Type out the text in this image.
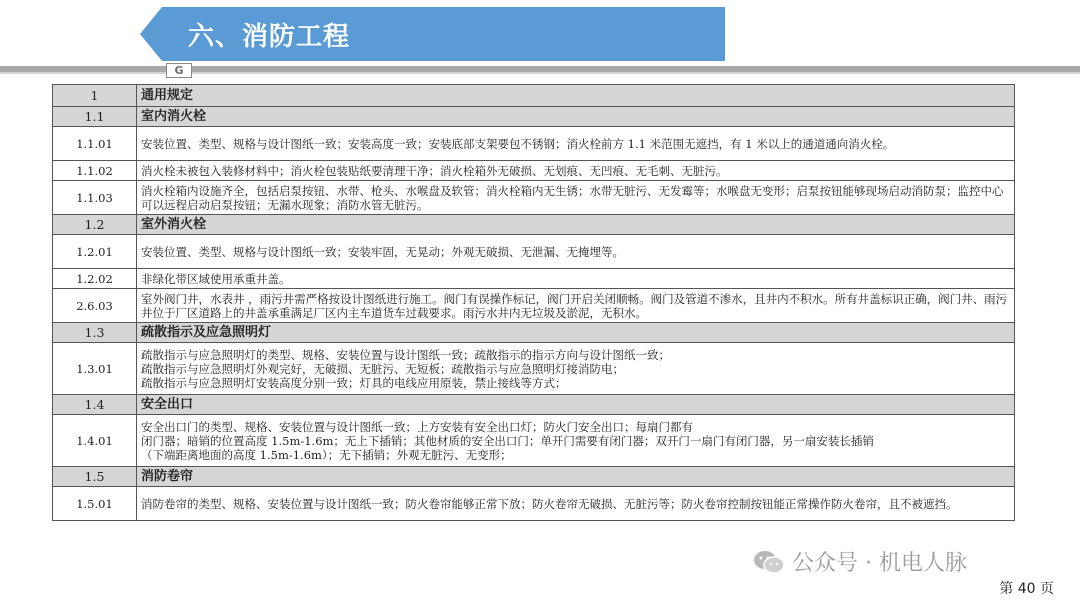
六、消防工程
G
1	通用规定
1.1	室内消火栓
1.1.01	安装位置、类型、规格与设计图纸一致；安装高度一致；安装底部支架要包不锈钢；消火栓前方 1.1 米范围无遮挡，有 1 米以上的通道通向消火栓。
1.1.02	消火栓未被包入装修材料中；消火栓包装贴纸要清理干净；消火栓箱外无破损、无划痕、无凹痕、无毛刺、无脏污。
1.1.03	消火栓箱内设施齐全，包括启泵按钮、水带、枪头、水喉盘及软管；消火栓箱内无生锈；水带无脏污、无发霉等；水喉盘无变形；启泵按钮能够现场启动消防泵；监控中心可以远程启动启泵按钮；无漏水现象；消防水管无脏污。
1.2	室外消火栓
1.2.01	安装位置、类型、规格与设计图纸一致；安装牢固，无晃动；外观无破损、无泄漏、无掩埋等。
1.2.02	非绿化带区域使用承重井盖。
2.6.03	室外阀门井，水表井 ，雨污井需严格按设计图纸进行施工。阀门有误操作标记，阀门开启关闭顺畅。阀门及管道不渗水，且井内不积水。所有井盖标识正确，阀门井、雨污井位于厂区道路上的井盖承重满足厂区内主车道货车过载要求。雨污水井内无垃圾及淤泥，无积水。
1.3	疏散指示及应急照明灯
1.3.01	疏散指示与应急照明灯的类型、规格、安装位置与设计图纸一致；疏散指示的指示方向与设计图纸一致；
疏散指示与应急照明灯外观完好，无破损、无脏污、无短板；疏散指示与应急照明灯接消防电；
疏散指示与应急照明灯安装高度分别一致；灯具的电线应用原装，禁止接线等方式；

1.4	安全出口
1.4.01	安全出口门的类型、规格、安装位置与设计图纸一致；上方安装有安全出口灯；防火门安全出口；每扇门都有
闭门器；暗销的位置高度 1.5m-1.6m；无上下插销；其他材质的安全出口门；单开门需要有闭门器；双开门一扇门有闭门器，另一扇安装长插销
（下端距离地面的高度 1.5m-1.6m）；无下插销；外观无脏污、无变形；

1.5	消防卷帘
1.5.01	消防卷帘的类型、规格、安装位置与设计图纸一致；防火卷帘能够正常下放；防火卷帘无破损、无脏污等；防火卷帘控制按钮能正常操作防火卷帘，且不被遮挡。
公众号 · 机电人脉
第 40 页
